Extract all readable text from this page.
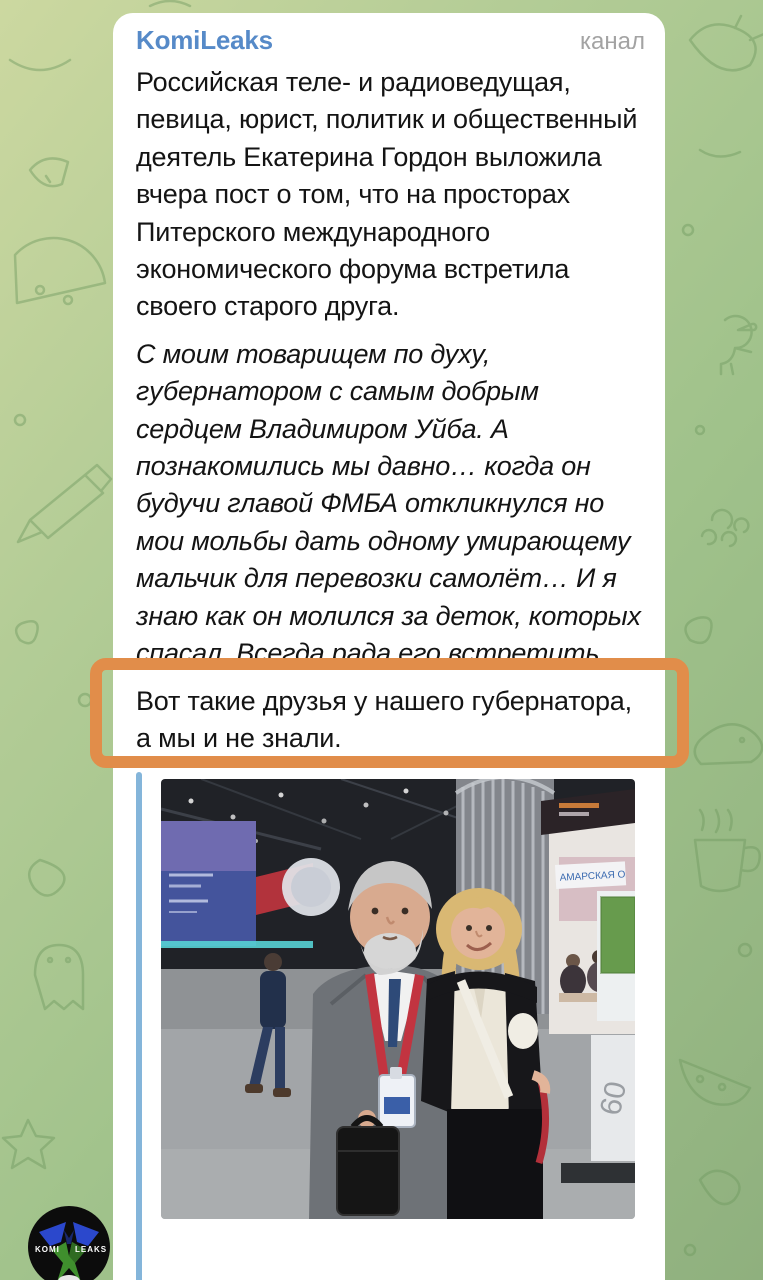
KomiLeaks	канал

Российская теле- и радиоведущая, певица, юрист, политик и общественный деятель Екатерина Гордон выложила вчера пост о том, что на просторах Питерского международного экономического форума встретила своего старого друга.

С моим товарищем по духу, губернатором с самым добрым сердцем Владимиром Уйба. А познакомились мы давно… когда он будучи главой ФМБА откликнулся но мои мольбы дать одному умирающему мальчик для перевозки самолёт… И я знаю как он молился за деток, которых спасал. Всегда рада его встретить.

Вот такие друзья у нашего губернатора, а мы и не знали.

АМАРСКАЯ О
60
KOMI LEAKS
